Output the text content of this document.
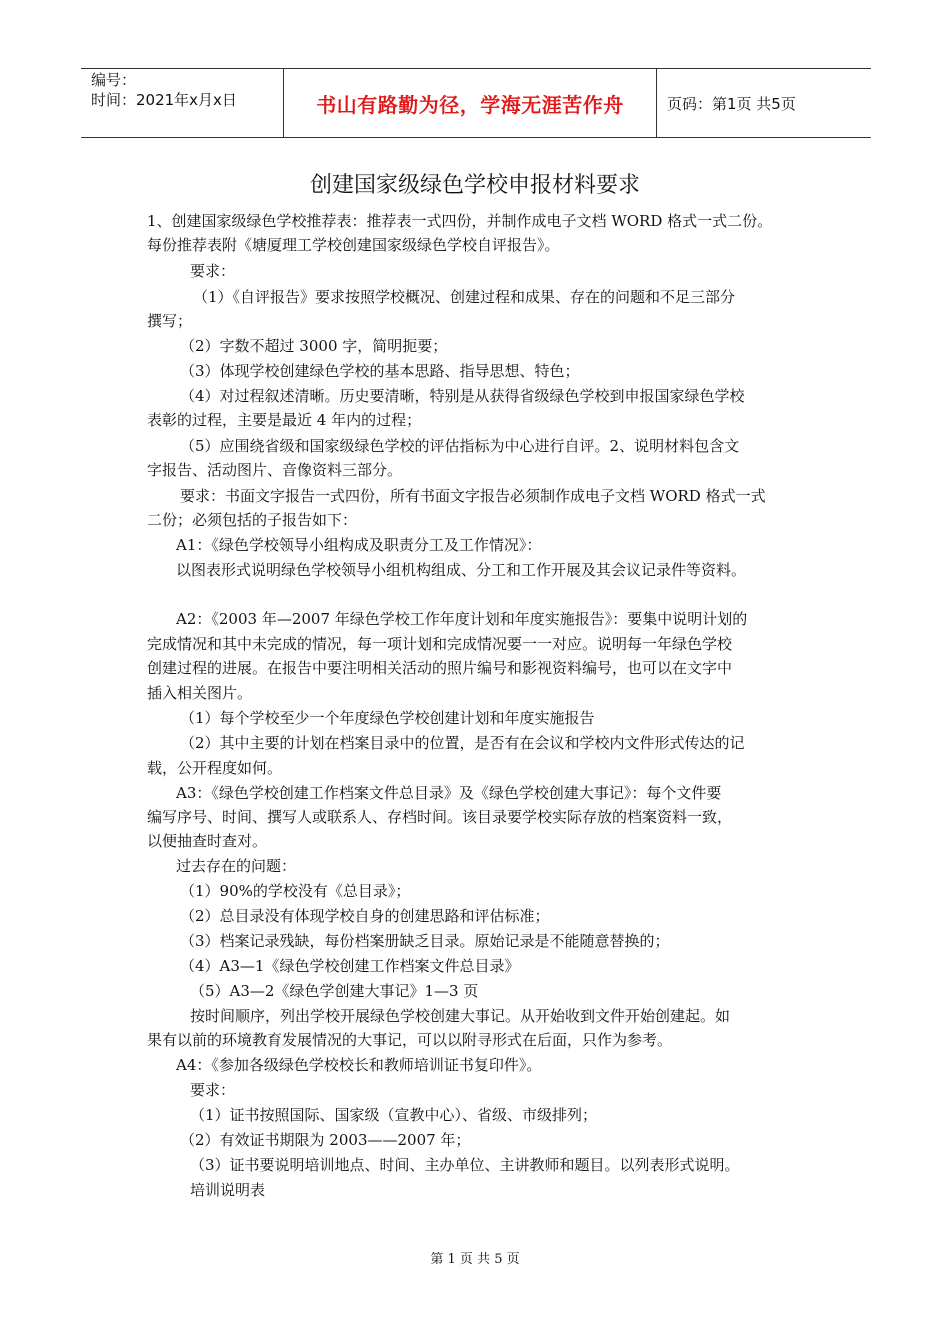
编号：
时间：2021年x月x日	书山有路勤为径，学海无涯苦作舟	页码：第1页 共5页
创建国家级绿色学校申报材料要求
1、创建国家级绿色学校推荐表：推荐表一式四份，并制作成电子文档 WORD 格式一式二份。
每份推荐表附《塘厦理工学校创建国家级绿色学校自评报告》。
要求：
（1）《自评报告》要求按照学校概况、创建过程和成果、存在的问题和不足三部分
撰写；
（2）字数不超过 3000 字，简明扼要；
（3）体现学校创建绿色学校的基本思路、指导思想、特色；
（4）对过程叙述清晰。历史要清晰，特别是从获得省级绿色学校到申报国家绿色学校
表彰的过程，主要是最近 4 年内的过程；
（5）应围绕省级和国家级绿色学校的评估指标为中心进行自评。2、说明材料包含文
字报告、活动图片、音像资料三部分。
要求：书面文字报告一式四份，所有书面文字报告必须制作成电子文档 WORD 格式一式
二份；必须包括的子报告如下：
A1：《绿色学校领导小组构成及职责分工及工作情况》：
以图表形式说明绿色学校领导小组机构组成、分工和工作开展及其会议记录件等资料。
A2：《2003 年—2007 年绿色学校工作年度计划和年度实施报告》：要集中说明计划的
完成情况和其中未完成的情况，每一项计划和完成情况要一一对应。说明每一年绿色学校
创建过程的进展。在报告中要注明相关活动的照片编号和影视资料编号，也可以在文字中
插入相关图片。
（1）每个学校至少一个年度绿色学校创建计划和年度实施报告
（2）其中主要的计划在档案目录中的位置，是否有在会议和学校内文件形式传达的记
载，公开程度如何。
A3：《绿色学校创建工作档案文件总目录》及《绿色学校创建大事记》：每个文件要
编写序号、时间、撰写人或联系人、存档时间。该目录要学校实际存放的档案资料一致，
以便抽查时查对。
过去存在的问题：
（1）90%的学校没有《总目录》；
（2）总目录没有体现学校自身的创建思路和评估标准；
（3）档案记录残缺，每份档案册缺乏目录。原始记录是不能随意替换的；
（4）A3—1《绿色学校创建工作档案文件总目录》
（5）A3—2《绿色学创建大事记》1—3 页
按时间顺序，列出学校开展绿色学校创建大事记。从开始收到文件开始创建起。如
果有以前的环境教育发展情况的大事记，可以以附寻形式在后面，只作为参考。
A4：《参加各级绿色学校校长和教师培训证书复印件》。
要求：
（1）证书按照国际、国家级（宣教中心）、省级、市级排列；
（2）有效证书期限为 2003——2007 年；
（3）证书要说明培训地点、时间、主办单位、主讲教师和题目。以列表形式说明。
培训说明表
第 1 页 共 5 页
